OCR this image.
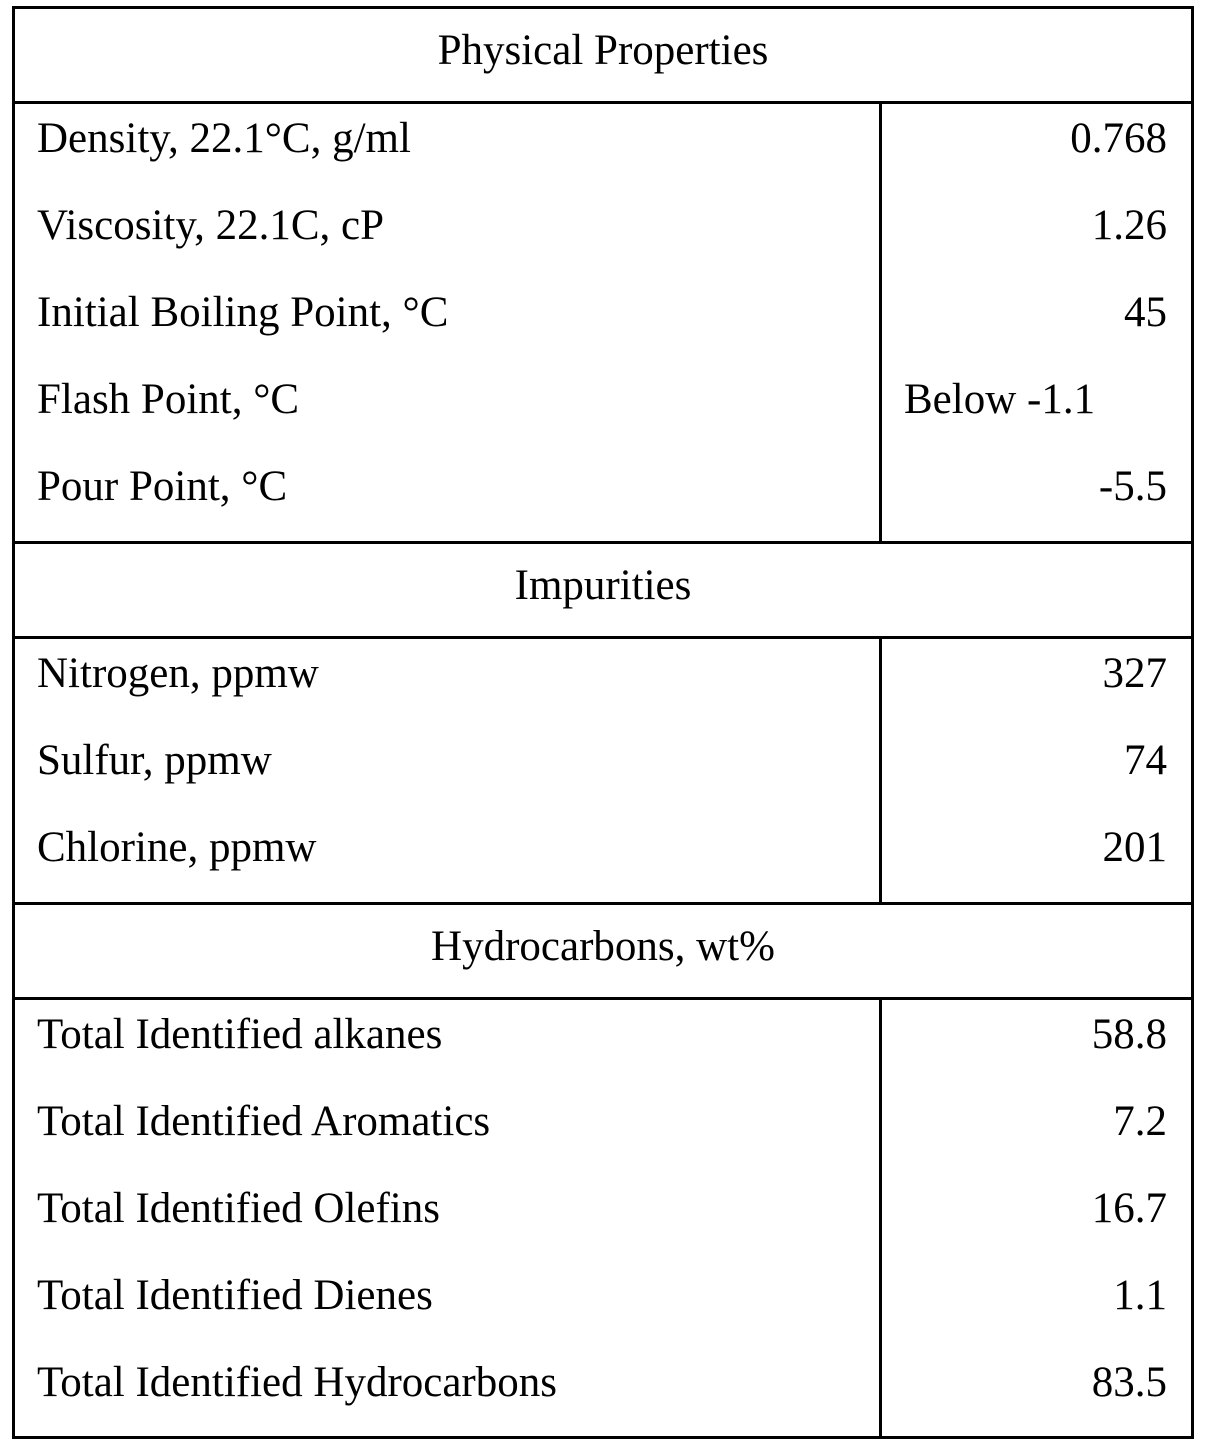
Physical Properties
Density, 22.1°C, g/ml	0.768
Viscosity, 22.1C, cP	1.26
Initial Boiling Point, °C	45
Flash Point, °C	Below -1.1
Pour Point, °C	-5.5
Impurities
Nitrogen, ppmw	327
Sulfur, ppmw	74
Chlorine, ppmw	201
Hydrocarbons, wt%
Total Identified alkanes	58.8
Total Identified Aromatics	7.2
Total Identified Olefins	16.7
Total Identified Dienes	1.1
Total Identified Hydrocarbons	83.5
